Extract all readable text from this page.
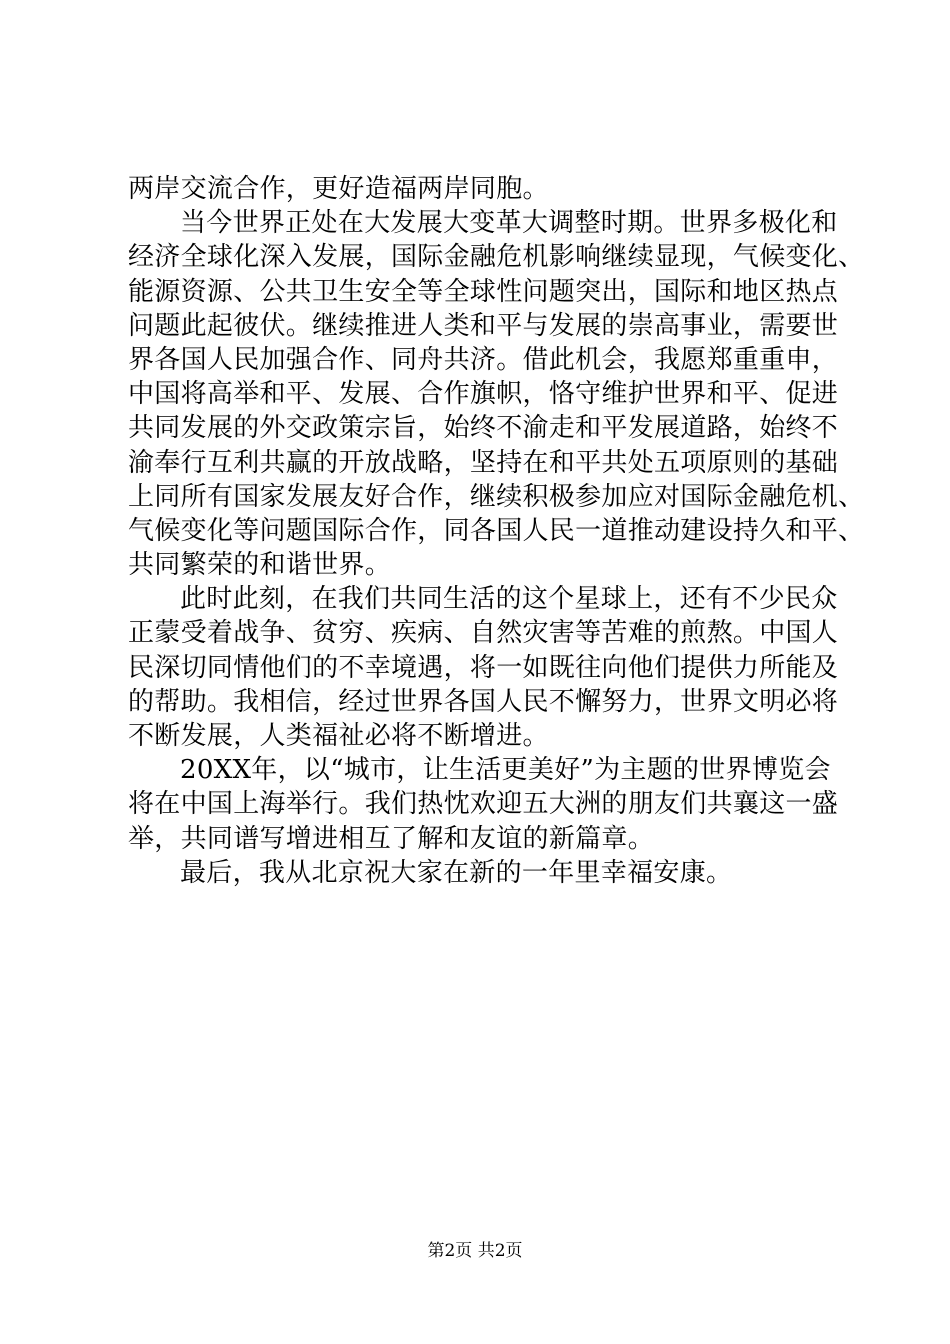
两岸交流合作，更好造福两岸同胞。
当今世界正处在大发展大变革大调整时期。世界多极化和
经济全球化深入发展，国际金融危机影响继续显现，气候变化、
能源资源、公共卫生安全等全球性问题突出，国际和地区热点
问题此起彼伏。继续推进人类和平与发展的崇高事业，需要世
界各国人民加强合作、同舟共济。借此机会，我愿郑重重申，
中国将高举和平、发展、合作旗帜，恪守维护世界和平、促进
共同发展的外交政策宗旨，始终不渝走和平发展道路，始终不
渝奉行互利共赢的开放战略，坚持在和平共处五项原则的基础
上同所有国家发展友好合作，继续积极参加应对国际金融危机、
气候变化等问题国际合作，同各国人民一道推动建设持久和平、
共同繁荣的和谐世界。
此时此刻，在我们共同生活的这个星球上，还有不少民众
正蒙受着战争、贫穷、疾病、自然灾害等苦难的煎熬。中国人
民深切同情他们的不幸境遇，将一如既往向他们提供力所能及
的帮助。我相信，经过世界各国人民不懈努力，世界文明必将
不断发展，人类福祉必将不断增进。
20XX年，以“城市，让生活更美好”为主题的世界博览会
将在中国上海举行。我们热忱欢迎五大洲的朋友们共襄这一盛
举，共同谱写增进相互了解和友谊的新篇章。
最后，我从北京祝大家在新的一年里幸福安康。
第2页 共2页
